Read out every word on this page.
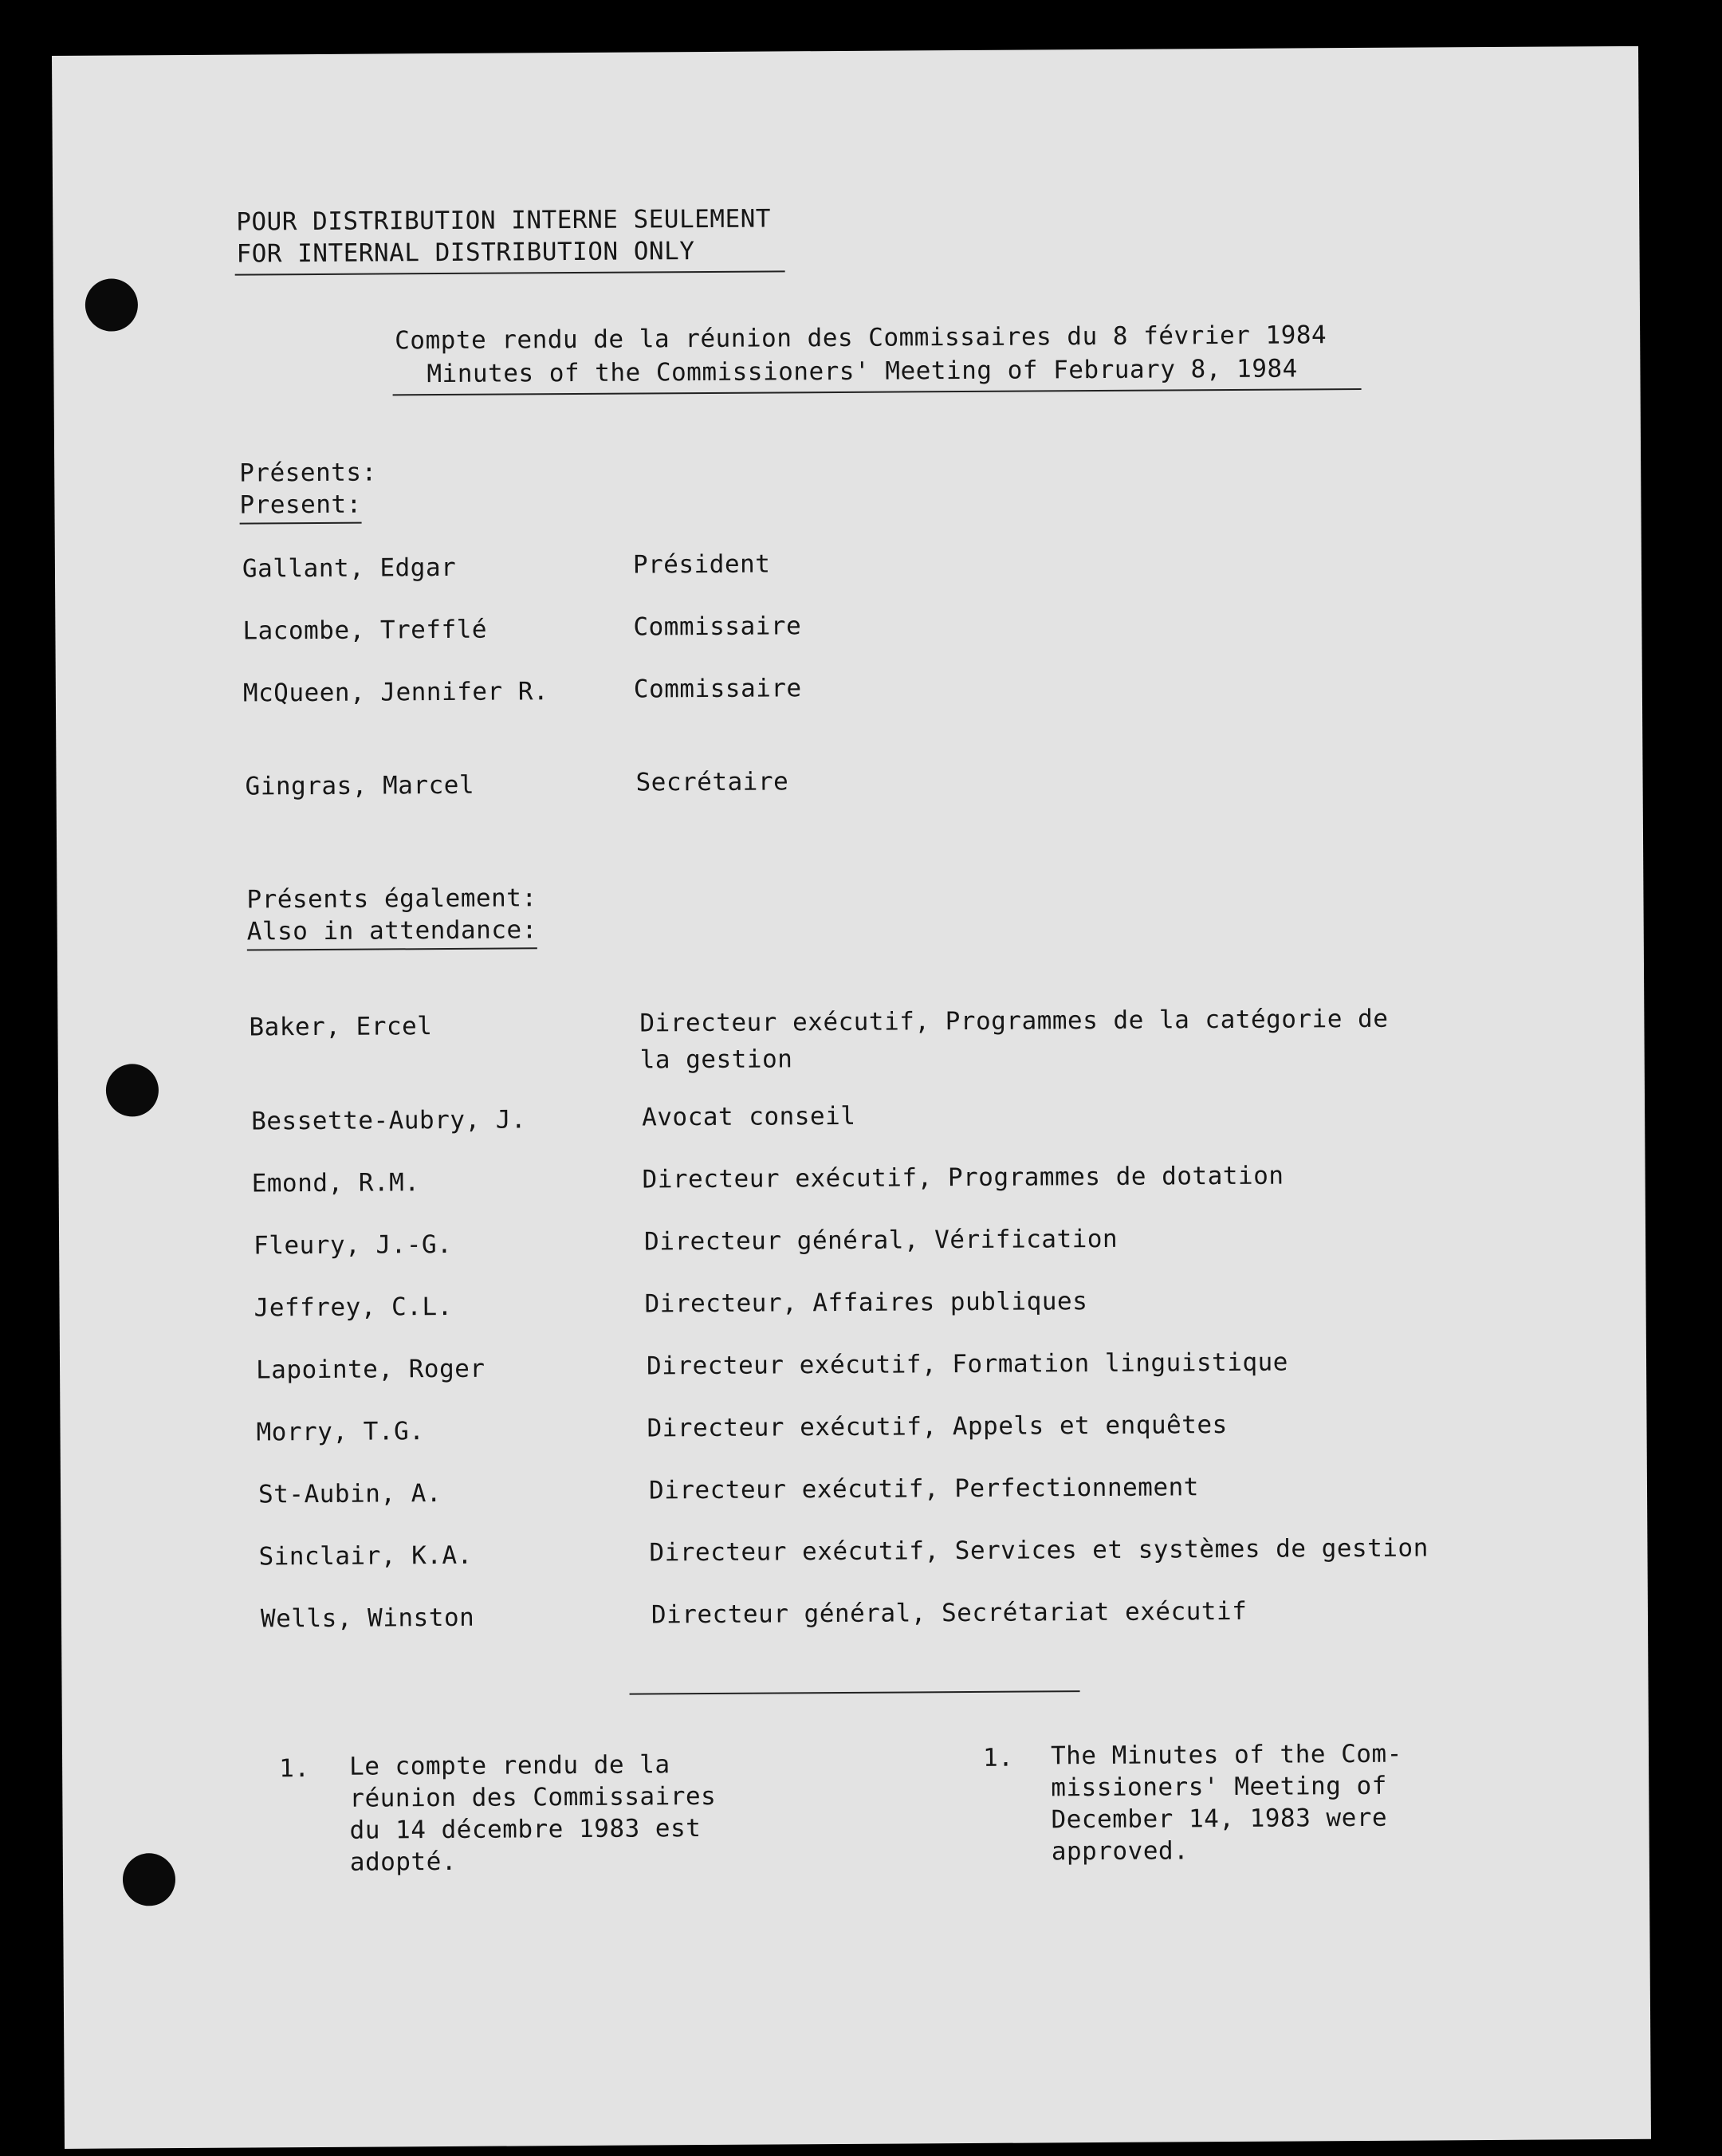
POUR DISTRIBUTION INTERNE SEULEMENT
FOR INTERNAL DISTRIBUTION ONLY
Compte rendu de la réunion des Commissaires du 8 février 1984
Minutes of the Commissioners' Meeting of February 8, 1984
Présents:
Present:
Gallant, Edgar	Président
Lacombe, Trefflé	Commissaire
McQueen, Jennifer R.	Commissaire
Gingras, Marcel	Secrétaire
Présents également:
Also in attendance:
Baker, Ercel	Directeur exécutif, Programmes de la catégorie de
la gestion
Bessette-Aubry, J.	Avocat conseil
Emond, R.M.	Directeur exécutif, Programmes de dotation
Fleury, J.-G.	Directeur général, Vérification
Jeffrey, C.L.	Directeur, Affaires publiques
Lapointe, Roger	Directeur exécutif, Formation linguistique
Morry, T.G.	Directeur exécutif, Appels et enquêtes
St-Aubin, A.	Directeur exécutif, Perfectionnement
Sinclair, K.A.	Directeur exécutif, Services et systèmes de gestion
Wells, Winston	Directeur général, Secrétariat exécutif
1. Le compte rendu de la
réunion des Commissaires
du 14 décembre 1983 est
adopté.
1. The Minutes of the Com-
missioners' Meeting of
December 14, 1983 were
approved.
